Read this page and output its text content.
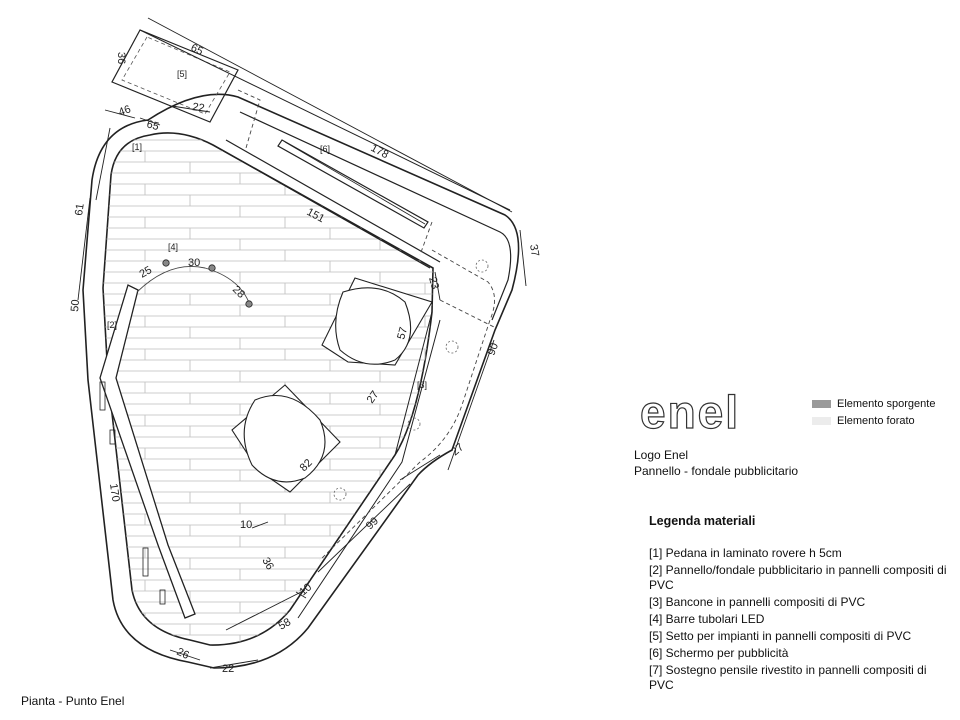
36
65
22
46
65
178
151
61
50
25
30
28
37
23
57
90
27
27
82
170
10
36
99
10
58
26
22
[1]
[2]
[3]
[4]
[5]
[6]
Pianta - Punto Enel
enel
Logo Enel
Pannello - fondale pubblicitario
Elemento sporgente
Elemento forato
Legenda materiali
[1] Pedana in laminato rovere h 5cm
[2] Pannello/fondale pubblicitario in pannelli compositi di PVC
[3] Bancone in pannelli compositi di PVC
[4] Barre tubolari LED
[5] Setto per impianti in pannelli compositi di PVC
[6] Schermo per pubblicità
[7] Sostegno pensile rivestito in pannelli compositi di PVC
